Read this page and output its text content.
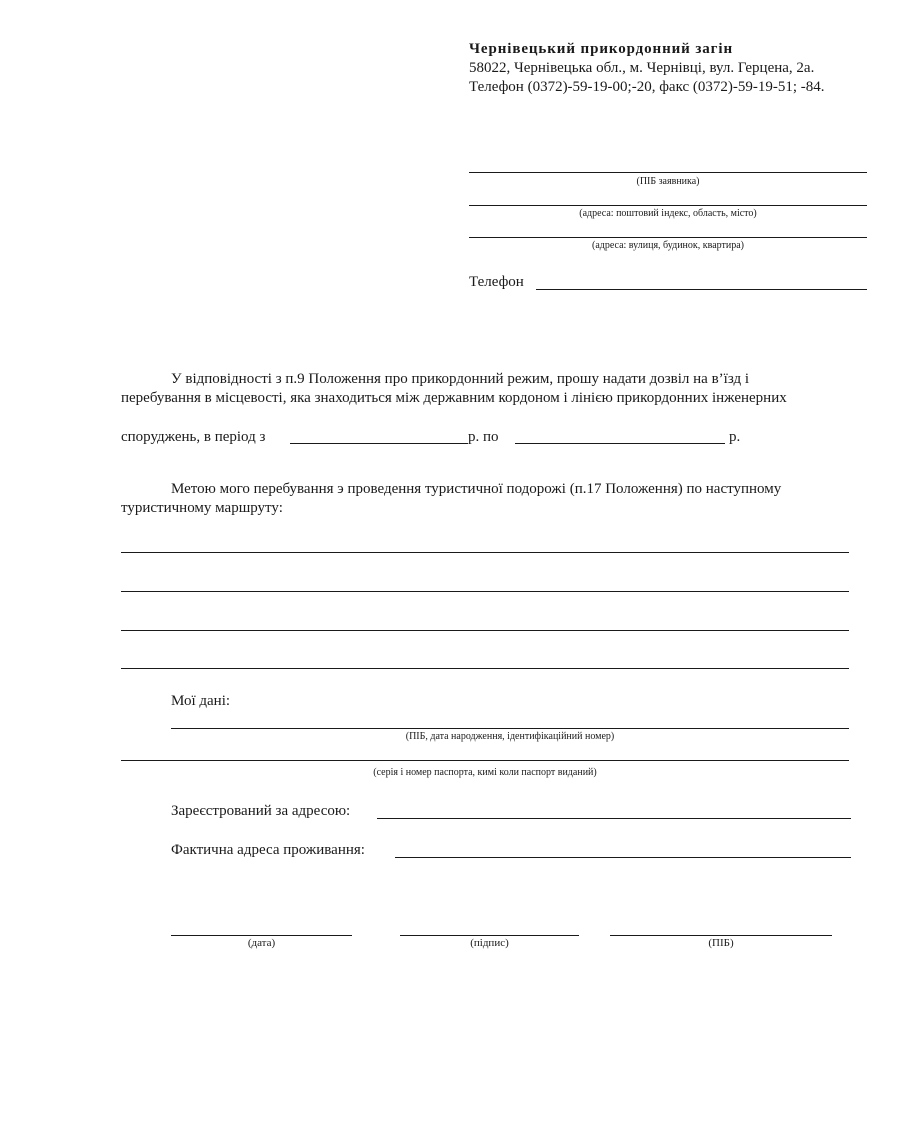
Чернівецький прикордонний загін
58022, Чернівецька обл., м. Чернівці, вул. Герцена, 2а.
Телефон (0372)-59-19-00;-20, факс (0372)-59-19-51; -84.
(ПІБ заявника)
(адреса: поштовий індекс, область, місто)
(адреса: вулиця, будинок, квартира)
Телефон
У відповідності з п.9 Положення про прикордонний режим, прошу надати дозвіл на в’їзд і
перебування в місцевості, яка знаходиться між державним кордоном і лінією прикордонних інженерних
споруджень, в період з	р. по	р.
Метою мого перебування э проведення туристичної подорожі (п.17 Положення) по наступному
туристичному маршруту:
Мої дані:
(ПІБ, дата народження, ідентифікаційний номер)
(серія і номер паспорта, кимі коли паспорт виданий)
Зареєстрований за адресою:
Фактична адреса проживання:
(дата)	(підпис)	(ПІБ)
